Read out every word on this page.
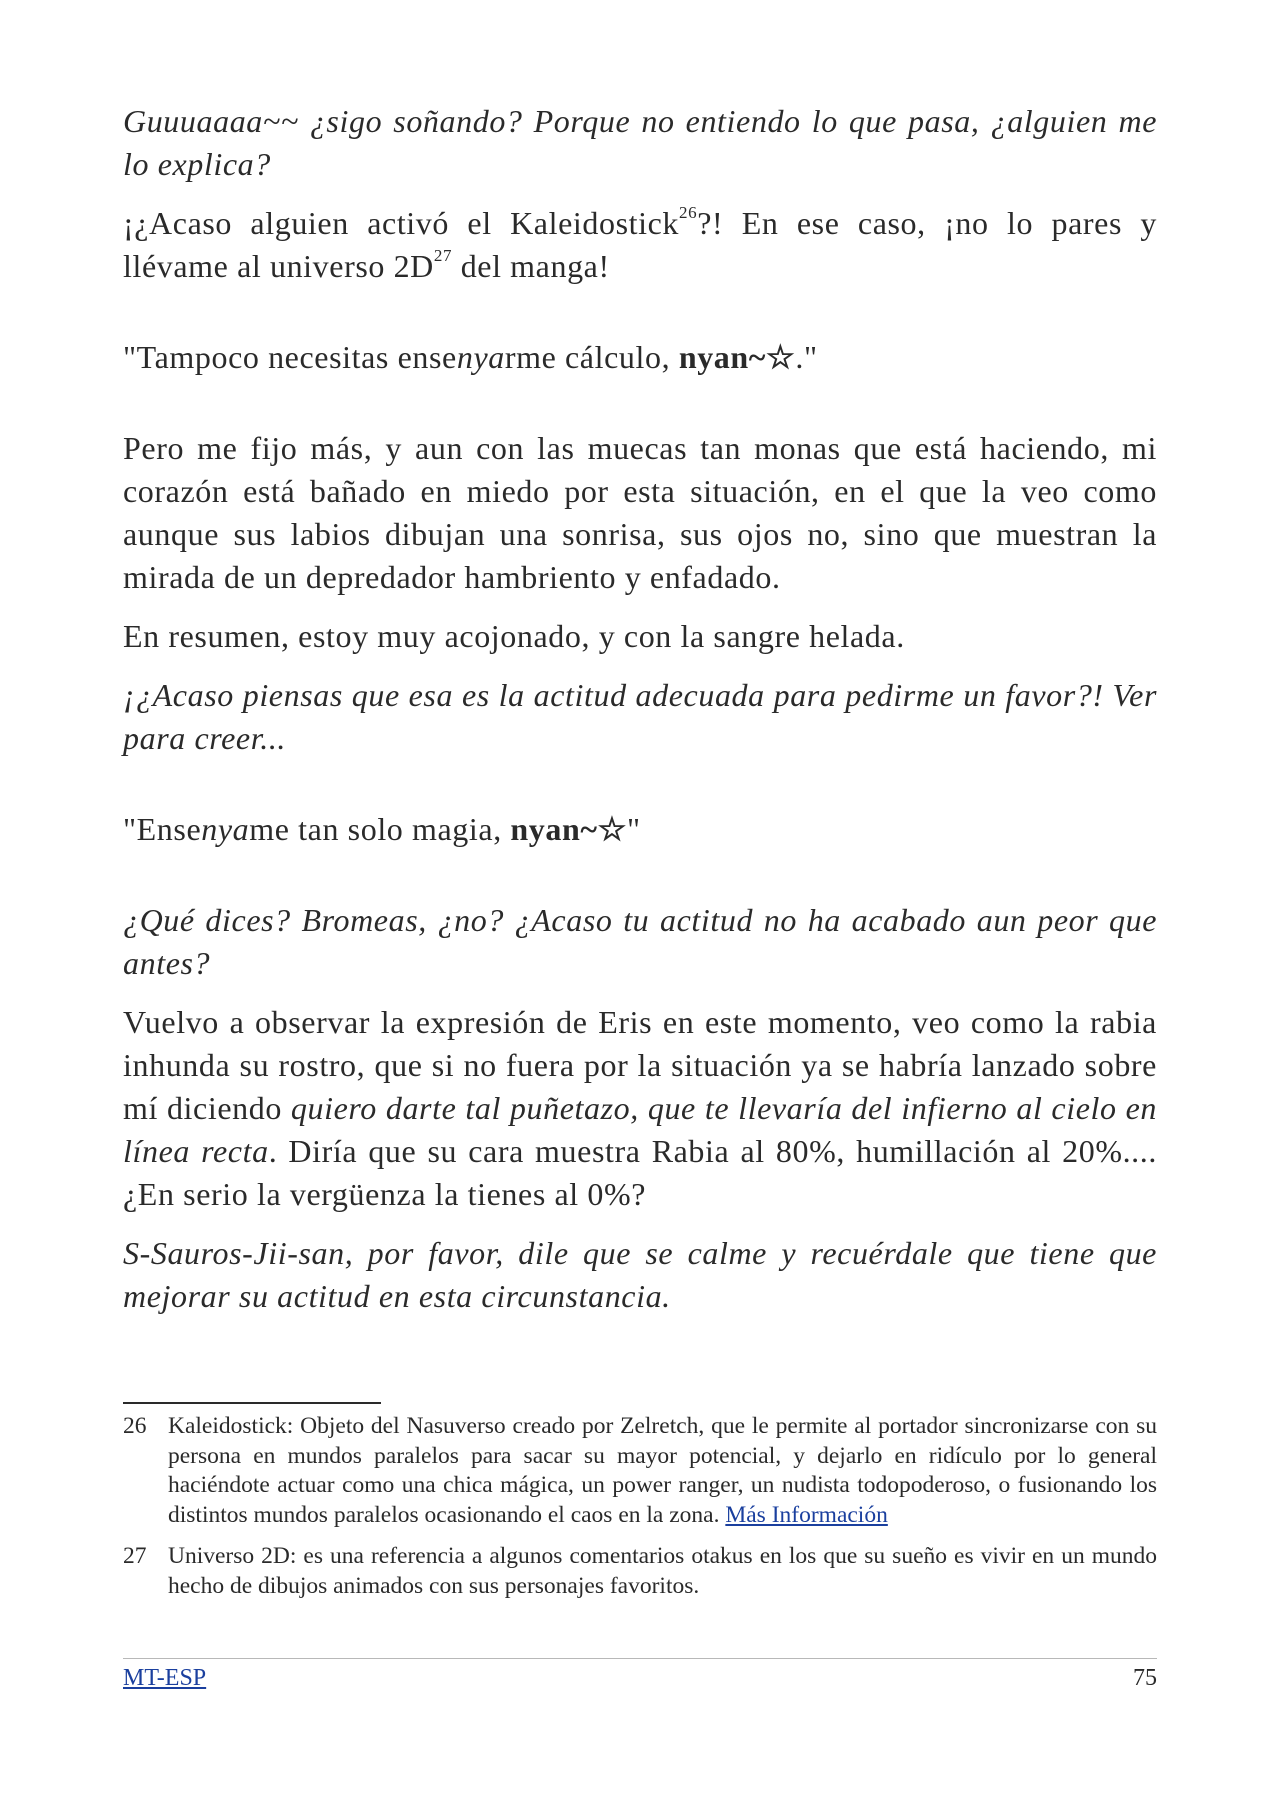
Guuuaaaa~~ ¿sigo soñando? Porque no entiendo lo que pasa, ¿alguien me lo explica?

¡¿Acaso alguien activó el Kaleidostick$^{26}$?! En ese caso, ¡no lo pares y llévame al universo 2D$^{27}$ del manga!

"Tampoco necesitas ensenyarme cálculo, nyan~☆."

Pero me fijo más, y aun con las muecas tan monas que está haciendo, mi corazón está bañado en miedo por esta situación, en el que la veo como aunque sus labios dibujan una sonrisa, sus ojos no, sino que muestran la mirada de un depredador hambriento y enfadado.

En resumen, estoy muy acojonado, y con la sangre helada.

¡¿Acaso piensas que esa es la actitud adecuada para pedirme un favor?! Ver para creer...

"Ensenyame tan solo magia, nyan~☆"

¿Qué dices? Bromeas, ¿no? ¿Acaso tu actitud no ha acabado aun peor que antes?

Vuelvo a observar la expresión de Eris en este momento, veo como la rabia inhunda su rostro, que si no fuera por la situación ya se habría lanzado sobre mí diciendo quiero darte tal puñetazo, que te llevaría del infierno al cielo en línea recta. Diría que su cara muestra Rabia al 80%, humillación al 20%.... ¿En serio la vergüenza la tienes al 0%?

S-Sauros-Jii-san, por favor, dile que se calme y recuérdale que tiene que mejorar su actitud en esta circunstancia.

26 Kaleidostick: Objeto del Nasuverso creado por Zelretch, que le permite al portador sincronizarse con su persona en mundos paralelos para sacar su mayor potencial, y dejarlo en ridículo por lo general haciéndote actuar como una chica mágica, un power ranger, un nudista todopoderoso, o fusionando los distintos mundos paralelos ocasionando el caos en la zona. Más Información
27 Universo 2D: es una referencia a algunos comentarios otakus en los que su sueño es vivir en un mundo hecho de dibujos animados con sus personajes favoritos.
MT-ESP	75
